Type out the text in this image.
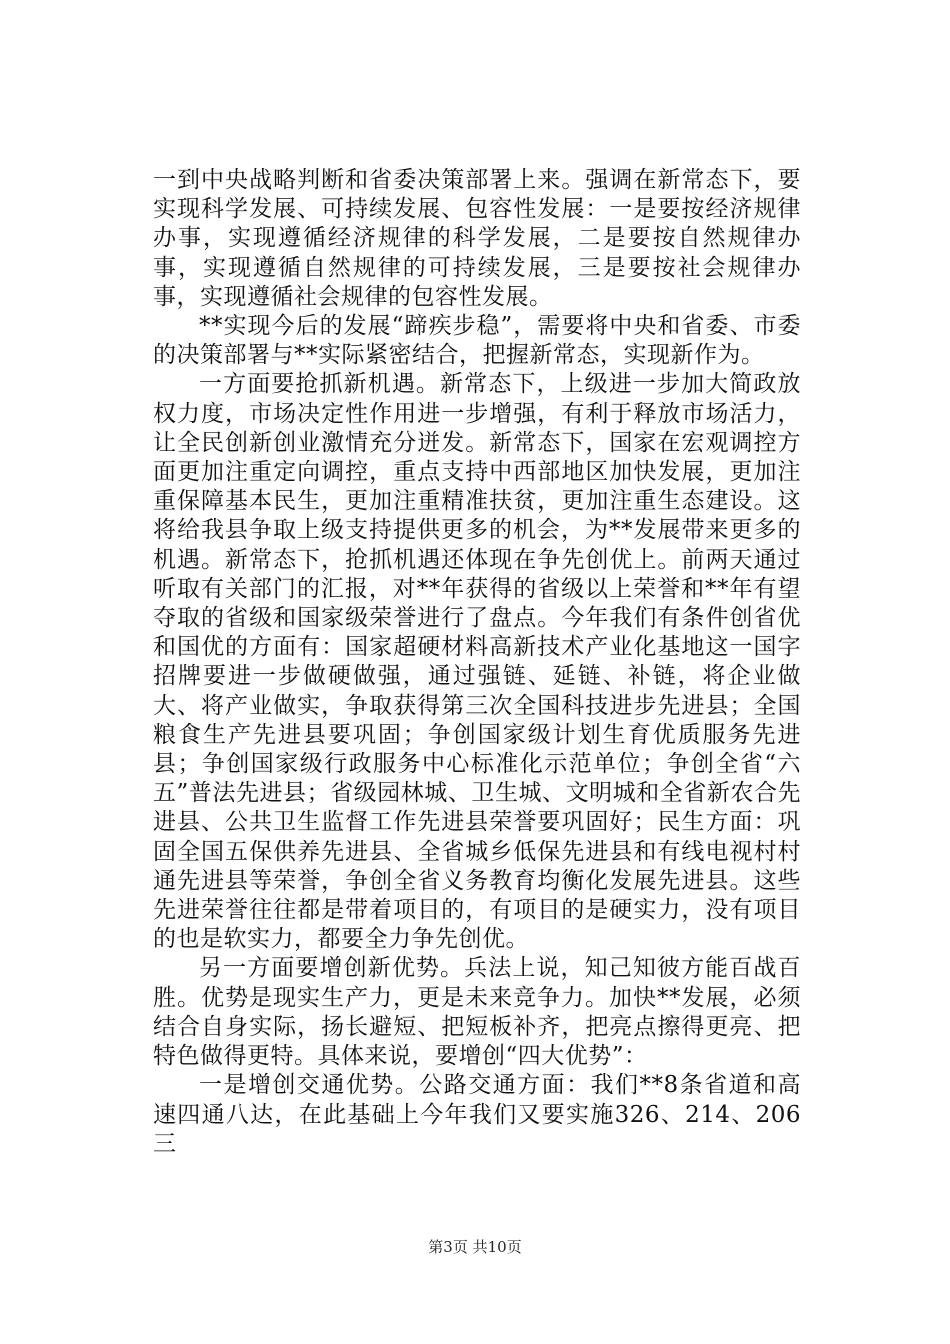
一到中央战略判断和省委决策部署上来。强调在新常态下，要实现科学发展、可持续发展、包容性发展：一是要按经济规律办事，实现遵循经济规律的科学发展，二是要按自然规律办事，实现遵循自然规律的可持续发展，三是要按社会规律办事，实现遵循社会规律的包容性发展。

**实现今后的发展“蹄疾步稳”，需要将中央和省委、市委的决策部署与**实际紧密结合，把握新常态，实现新作为。

一方面要抢抓新机遇。新常态下，上级进一步加大简政放权力度，市场决定性作用进一步增强，有利于释放市场活力，让全民创新创业激情充分迸发。新常态下，国家在宏观调控方面更加注重定向调控，重点支持中西部地区加快发展，更加注重保障基本民生，更加注重精准扶贫，更加注重生态建设。这将给我县争取上级支持提供更多的机会，为**发展带来更多的机遇。新常态下，抢抓机遇还体现在争先创优上。前两天通过听取有关部门的汇报，对**年获得的省级以上荣誉和**年有望夺取的省级和国家级荣誉进行了盘点。今年我们有条件创省优和国优的方面有：国家超硬材料高新技术产业化基地这一国字招牌要进一步做硬做强，通过强链、延链、补链，将企业做大、将产业做实，争取获得第三次全国科技进步先进县；全国粮食生产先进县要巩固；争创国家级计划生育优质服务先进县；争创国家级行政服务中心标准化示范单位；争创全省“六五”普法先进县；省级园林城、卫生城、文明城和全省新农合先进县、公共卫生监督工作先进县荣誉要巩固好；民生方面：巩固全国五保供养先进县、全省城乡低保先进县和有线电视村村通先进县等荣誉，争创全省义务教育均衡化发展先进县。这些先进荣誉往往都是带着项目的，有项目的是硬实力，没有项目的也是软实力，都要全力争先创优。

另一方面要增创新优势。兵法上说，知己知彼方能百战百胜。优势是现实生产力，更是未来竞争力。加快**发展，必须结合自身实际，扬长避短、把短板补齐，把亮点擦得更亮、把特色做得更特。具体来说，要增创“四大优势”：

一是增创交通优势。公路交通方面：我们**8条省道和高速四通八达，在此基础上今年我们又要实施326、214、206三

第3页 共10页
